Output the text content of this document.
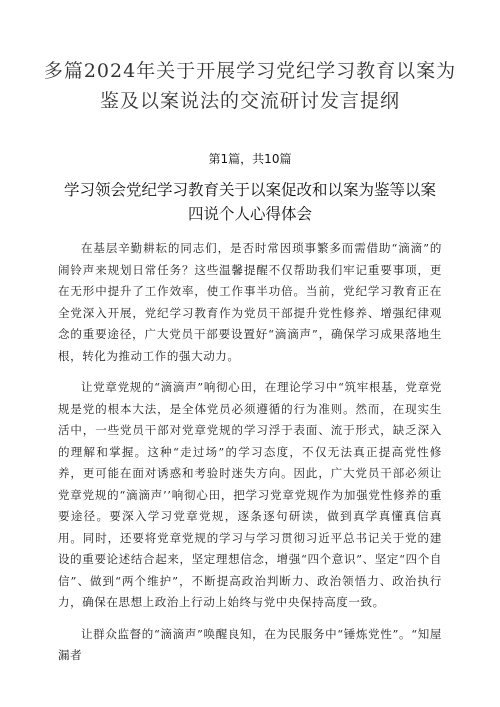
多篇2024年关于开展学习党纪学习教育以案为鉴及以案说法的交流研讨发言提纲
第1篇，共10篇
学习领会党纪学习教育关于以案促改和以案为鉴等以案四说个人心得体会

在基层辛勤耕耘的同志们，是否时常因琐事繁多而需借助“滴滴”的闹铃声来规划日常任务？这些温馨提醒不仅帮助我们牢记重要事项，更在无形中提升了工作效率，使工作事半功倍。当前，党纪学习教育正在全党深入开展，党纪学习教育作为党员干部提升党性修养、增强纪律观念的重要途径，广大党员干部要设置好“滴滴声”，确保学习成果落地生根，转化为推动工作的强大动力。

让党章党规的“滴滴声”响彻心田，在理论学习中“筑牢根基，党章党规是党的根本大法，是全体党员必须遵循的行为准则。然而，在现实生活中，一些党员干部对党章党规的学习浮于表面、流于形式，缺乏深入的理解和掌握。这种“走过场”的学习态度，不仅无法真正提高党性修养，更可能在面对诱惑和考验时迷失方向。因此，广大党员干部必须让党章党规的“滴滴声’’响彻心田，把学习党章党规作为加强党性修养的重要途径。要深入学习党章党规，逐条逐句研读，做到真学真懂真信真用。同时，还要将党章党规的学习与学习贯彻习近平总书记关于党的建设的重要论述结合起来，坚定理想信念，增强“四个意识”、坚定“四个自信”、做到“两个维护”，不断提高政治判断力、政治领悟力、政治执行力，确保在思想上政治上行动上始终与党中央保持高度一致。

让群众监督的“滴滴声”唤醒良知，在为民服务中“锤炼党性”。“知屋漏者
